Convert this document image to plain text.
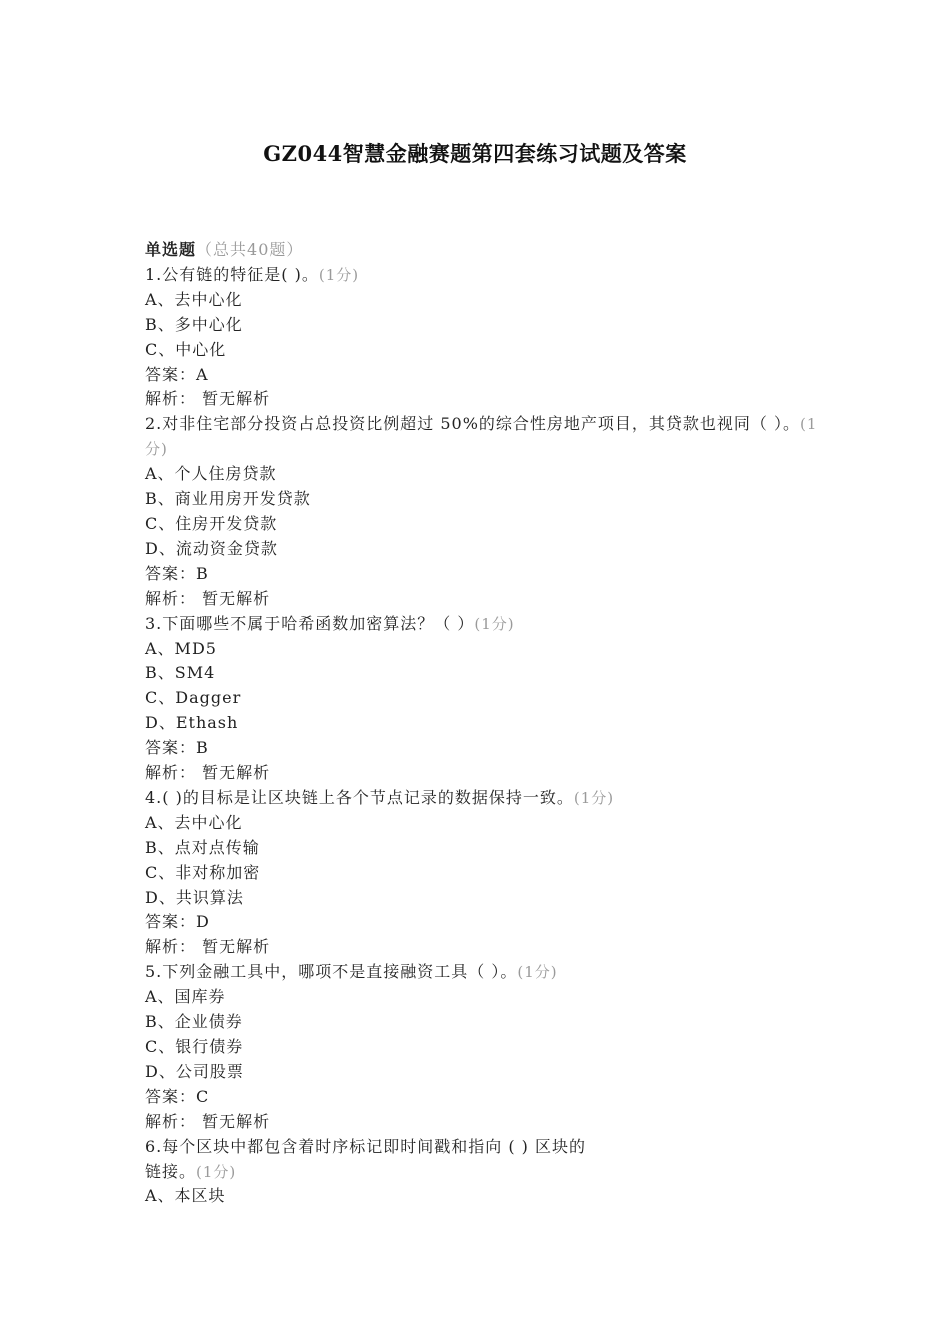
GZ044智慧金融赛题第四套练习试题及答案
单选题（总共40题）
1.公有链的特征是( )。(1分)
A、去中心化
B、多中心化
C、中心化
答案：A
解析： 暂无解析
2.对非住宅部分投资占总投资比例超过 50%的综合性房地产项目，其贷款也视同（ ）。(1分)
A、个人住房贷款
B、商业用房开发贷款
C、住房开发贷款
D、流动资金贷款
答案：B
解析： 暂无解析
3.下面哪些不属于哈希函数加密算法？（ ）(1分)
A、MD5
B、SM4
C、Dagger
D、Ethash
答案：B
解析： 暂无解析
4.( )的目标是让区块链上各个节点记录的数据保持一致。(1分)
A、去中心化
B、点对点传输
C、非对称加密
D、共识算法
答案：D
解析： 暂无解析
5.下列金融工具中，哪项不是直接融资工具（ ）。(1分)
A、国库券
B、企业债券
C、银行债券
D、公司股票
答案：C
解析： 暂无解析
6.每个区块中都包含着时序标记即时间戳和指向 ( ) 区块的
链接。(1分)
A、本区块
